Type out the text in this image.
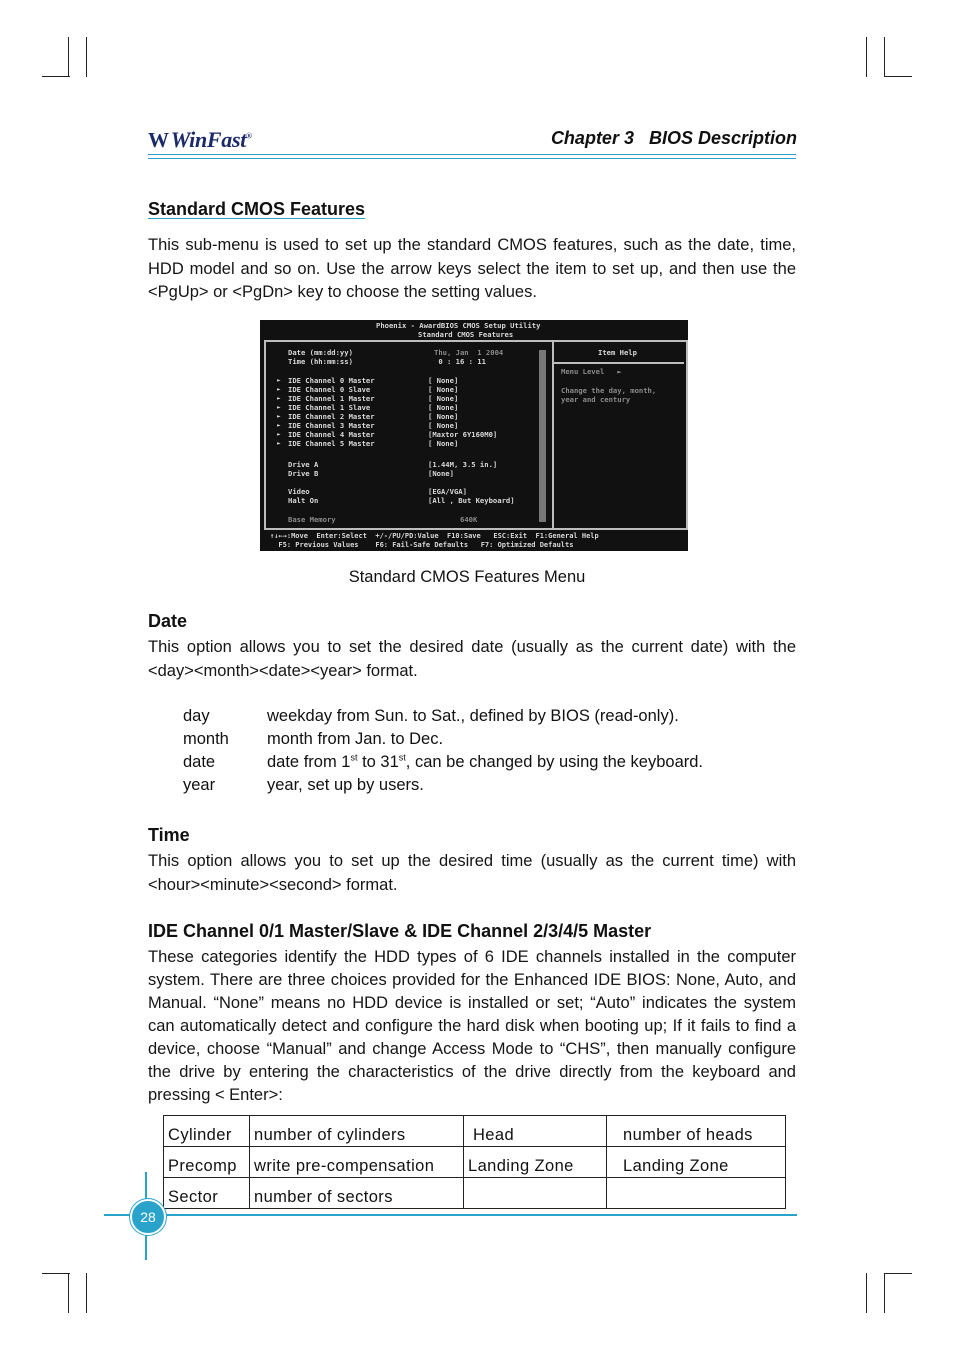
WWinFast®	Chapter 3   BIOS Description
Standard CMOS Features
This sub-menu is used to set up the standard CMOS features, such as the date, time, HDD model and so on. Use the arrow keys select the item to set up, and then use the <PgUp> or <PgDn> key to choose the setting values.
Phoenix - AwardBIOS CMOS Setup Utility
Standard CMOS Features
Item Help
Menu Level   ►
Change the day, month,
year and century
↑↓←→:Move  Enter:Select  +/-/PU/PD:Value  F10:Save   ESC:Exit  F1:General Help
F5: Previous Values    F6: Fail-Safe Defaults   F7: Optimized Defaults
Date (mm:dd:yy)	Thu, Jan  1 2004
Time (hh:mm:ss)	0 : 16 : 11
► IDE Channel 0 Master	[ None]
► IDE Channel 0 Slave	[ None]
► IDE Channel 1 Master	[ None]
► IDE Channel 1 Slave	[ None]
► IDE Channel 2 Master	[ None]
► IDE Channel 3 Master	[ None]
► IDE Channel 4 Master	[Maxtor 6Y160M0]
► IDE Channel 5 Master	[ None]
Drive A	[1.44M, 3.5 in.]
Drive B	[None]
Video	[EGA/VGA]
Halt On	[All , But Keyboard]
Base Memory	640K
Standard CMOS Features Menu
Date
This option allows you to set the desired date (usually as the current date) with the <day><month><date><year> format.
day	weekday from Sun. to Sat., defined by BIOS (read-only).
month	month from Jan. to Dec.
date	date from 1st to 31st, can be changed by using the keyboard.
year	year, set up by users.
Time
This option allows you to set up the desired time (usually as the current time) with <hour><minute><second> format.
IDE Channel 0/1 Master/Slave & IDE Channel 2/3/4/5 Master
These categories identify the HDD types of 6 IDE channels installed in the computer system. There are three choices provided for the Enhanced IDE BIOS: None, Auto, and Manual. “None” means no HDD device is installed or set; “Auto” indicates the system can automatically detect and configure the hard disk when booting up; If it fails to find a device, choose “Manual” and change Access Mode to “CHS”, then manually configure the drive by entering the characteristics of the drive directly from the keyboard and pressing < Enter>:
Cylinder	number of cylinders	Head	number of heads
Precomp	write pre-compensation	Landing Zone	Landing Zone
Sector	number of sectors		
28
